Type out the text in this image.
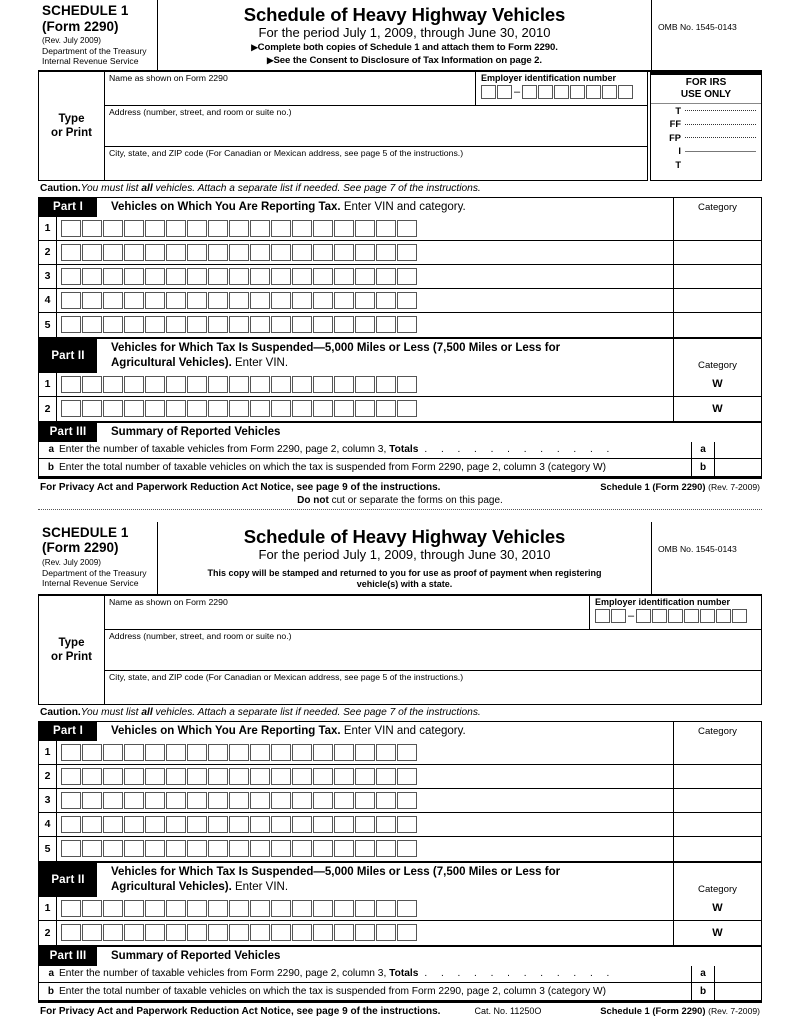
SCHEDULE 1
(Form 2290)
(Rev. July 2009)
Department of the Treasury
Internal Revenue Service
Schedule of Heavy Highway Vehicles
For the period July 1, 2009, through June 30, 2010
▶Complete both copies of Schedule 1 and attach them to Form 2290.
▶See the Consent to Disclosure of Tax Information on page 2.
OMB No. 1545-0143
Type
or Print
Name as shown on Form 2290	Employer identification number
–
Address (number, street, and room or suite no.)
City, state, and ZIP code (For Canadian or Mexican address, see page 5 of the instructions.)
FOR IRS
USE ONLY
T
FF
FP
I
T
Caution.You must list all vehicles. Attach a separate list if needed. See page 7 of the instructions.
Part I	Vehicles on Which You Are Reporting Tax. Enter VIN and category.	Category
1
2
3
4
5
Part II
Vehicles for Which Tax Is Suspended—5,000 Miles or Less (7,500 Miles or Less for
Agricultural Vehicles). Enter VIN.	Category
1	W
2	W
Part III	Summary of Reported Vehicles
a Enter the number of taxable vehicles from Form 2290, page 2, column 3, Totals . . . . . . . . . . . .	a
b Enter the total number of taxable vehicles on which the tax is suspended from Form 2290, page 2, column 3 (category W)	b
For Privacy Act and Paperwork Reduction Act Notice, see page 9 of the instructions.	Schedule 1 (Form 2290) (Rev. 7-2009)
Do not cut or separate the forms on this page.
SCHEDULE 1
(Form 2290)
(Rev. July 2009)
Department of the Treasury
Internal Revenue Service
Schedule of Heavy Highway Vehicles
For the period July 1, 2009, through June 30, 2010
This copy will be stamped and returned to you for use as proof of payment when registering vehicle(s) with a state.
OMB No. 1545-0143
Type
or Print
Name as shown on Form 2290	Employer identification number
–
Address (number, street, and room or suite no.)
City, state, and ZIP code (For Canadian or Mexican address, see page 5 of the instructions.)
Caution.You must list all vehicles. Attach a separate list if needed. See page 7 of the instructions.
Part I	Vehicles on Which You Are Reporting Tax. Enter VIN and category.	Category
1
2
3
4
5
Part II
Vehicles for Which Tax Is Suspended—5,000 Miles or Less (7,500 Miles or Less for
Agricultural Vehicles). Enter VIN.	Category
1	W
2	W
Part III	Summary of Reported Vehicles
a Enter the number of taxable vehicles from Form 2290, page 2, column 3, Totals . . . . . . . . . . . .	a
b Enter the total number of taxable vehicles on which the tax is suspended from Form 2290, page 2, column 3 (category W)	b
For Privacy Act and Paperwork Reduction Act Notice, see page 9 of the instructions.	Cat. No. 11250O	Schedule 1 (Form 2290) (Rev. 7-2009)
